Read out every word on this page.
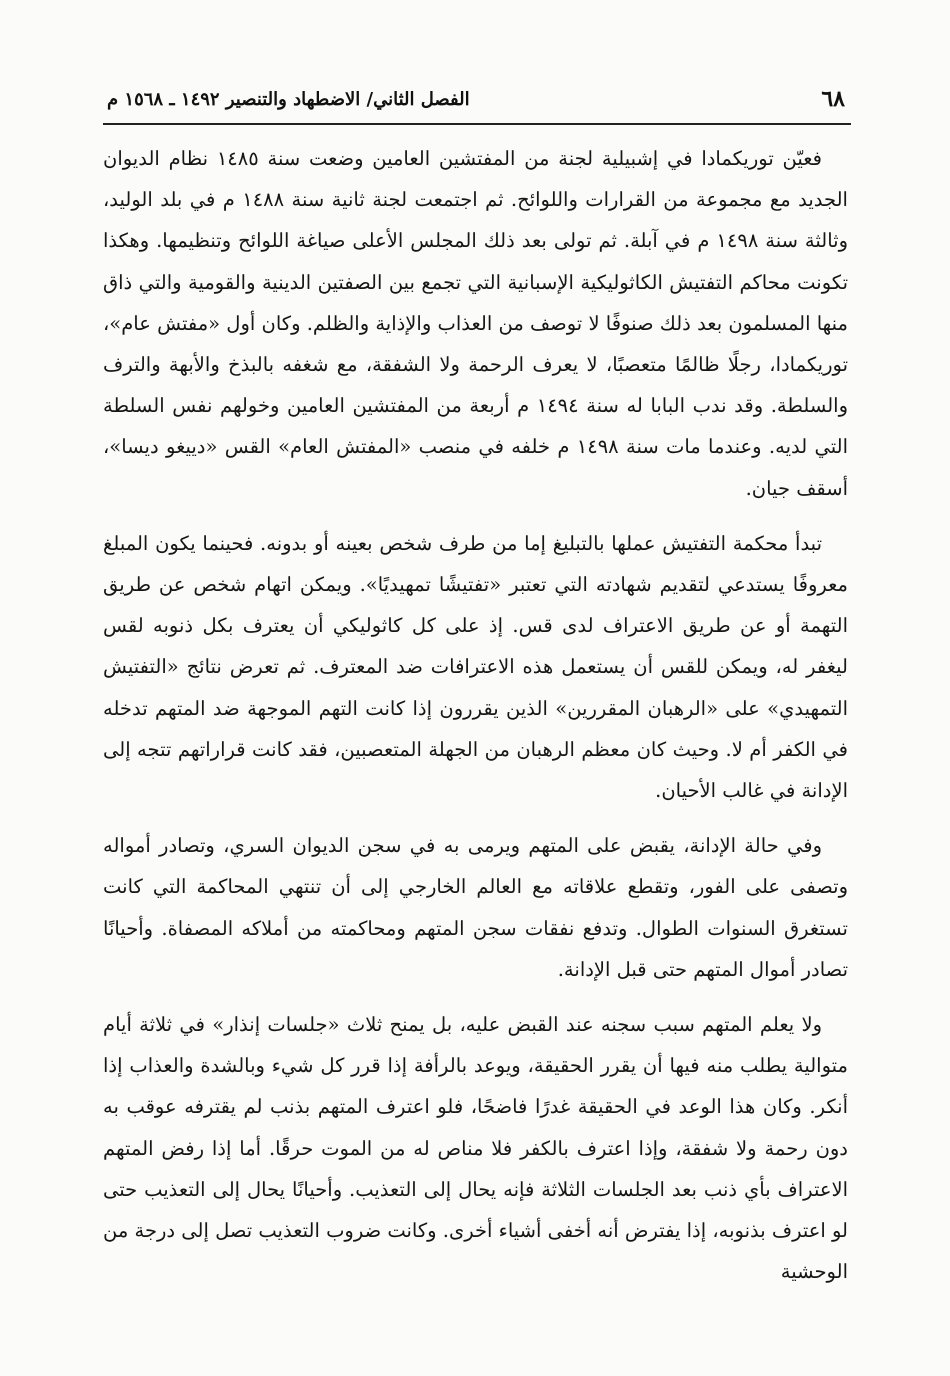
٦٨
الفصل الثاني/ الاضطهاد والتنصير ١٤٩٢ ـ ١٥٦٨ م

فعيّن توريكمادا في إشبيلية لجنة من المفتشين العامين وضعت سنة ١٤٨٥ نظام الديوان الجديد مع مجموعة من القرارات واللوائح. ثم اجتمعت لجنة ثانية سنة ١٤٨٨ م في بلد الوليد، وثالثة سنة ١٤٩٨ م في آبلة. ثم تولى بعد ذلك المجلس الأعلى صياغة اللوائح وتنظيمها. وهكذا تكونت محاكم التفتيش الكاثوليكية الإسبانية التي تجمع بين الصفتين الدينية والقومية والتي ذاق منها المسلمون بعد ذلك صنوفًا لا توصف من العذاب والإذاية والظلم. وكان أول «مفتش عام»، توريكمادا، رجلًا ظالمًا متعصبًا، لا يعرف الرحمة ولا الشفقة، مع شغفه بالبذخ والأبهة والترف والسلطة. وقد ندب البابا له سنة ١٤٩٤ م أربعة من المفتشين العامين وخولهم نفس السلطة التي لديه. وعندما مات سنة ١٤٩٨ م خلفه في منصب «المفتش العام» القس «دييغو ديسا»، أسقف جيان.

تبدأ محكمة التفتيش عملها بالتبليغ إما من طرف شخص بعينه أو بدونه. فحينما يكون المبلغ معروفًا يستدعي لتقديم شهادته التي تعتبر «تفتيشًا تمهيديًا». ويمكن اتهام شخص عن طريق التهمة أو عن طريق الاعتراف لدى قس. إذ على كل كاثوليكي أن يعترف بكل ذنوبه لقس ليغفر له، ويمكن للقس أن يستعمل هذه الاعترافات ضد المعترف. ثم تعرض نتائج «التفتيش التمهيدي» على «الرهبان المقررين» الذين يقررون إذا كانت التهم الموجهة ضد المتهم تدخله في الكفر أم لا. وحيث كان معظم الرهبان من الجهلة المتعصبين، فقد كانت قراراتهم تتجه إلى الإدانة في غالب الأحيان.

وفي حالة الإدانة، يقبض على المتهم ويرمى به في سجن الديوان السري، وتصادر أمواله وتصفى على الفور، وتقطع علاقاته مع العالم الخارجي إلى أن تنتهي المحاكمة التي كانت تستغرق السنوات الطوال. وتدفع نفقات سجن المتهم ومحاكمته من أملاكه المصفاة. وأحيانًا تصادر أموال المتهم حتى قبل الإدانة.

ولا يعلم المتهم سبب سجنه عند القبض عليه، بل يمنح ثلاث «جلسات إنذار» في ثلاثة أيام متوالية يطلب منه فيها أن يقرر الحقيقة، ويوعد بالرأفة إذا قرر كل شيء وبالشدة والعذاب إذا أنكر. وكان هذا الوعد في الحقيقة غدرًا فاضحًا، فلو اعترف المتهم بذنب لم يقترفه عوقب به دون رحمة ولا شفقة، وإذا اعترف بالكفر فلا مناص له من الموت حرقًا. أما إذا رفض المتهم الاعتراف بأي ذنب بعد الجلسات الثلاثة فإنه يحال إلى التعذيب. وأحيانًا يحال إلى التعذيب حتى لو اعترف بذنوبه، إذا يفترض أنه أخفى أشياء أخرى. وكانت ضروب التعذيب تصل إلى درجة من الوحشية
